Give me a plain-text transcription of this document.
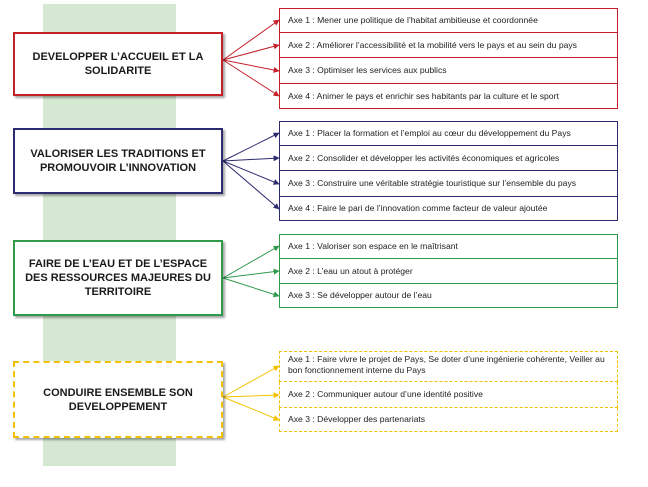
DEVELOPPER L’ACCUEIL ET LA SOLIDARITE
Axe 1 : Mener une politique de l’habitat ambitieuse et coordonnée
Axe 2 : Améliorer l’accessibilité et la mobilité vers le pays et au sein du pays
Axe 3 : Optimiser les services aux publics
Axe 4 : Animer le pays et enrichir ses habitants par la culture et le sport
VALORISER LES TRADITIONS ET PROMOUVOIR L’INNOVATION
Axe 1 : Placer la formation et l’emploi au cœur du développement du Pays
Axe 2 : Consolider et développer les activités économiques et agricoles
Axe 3 : Construire une véritable stratégie touristique sur l’ensemble du pays
Axe 4 : Faire le pari de l’innovation comme facteur de valeur ajoutée
FAIRE DE L’EAU ET DE L’ESPACE DES RESSOURCES MAJEURES DU TERRITOIRE
Axe 1 : Valoriser son espace en le maîtrisant
Axe 2 : L’eau un atout à protéger
Axe 3 : Se développer autour de l’eau
CONDUIRE ENSEMBLE SON DEVELOPPEMENT
Axe 1 : Faire vivre le projet de Pays, Se doter d’une ingénierie cohérente, Veiller au bon fonctionnement interne du Pays
Axe 2 : Communiquer autour d’une identité positive
Axe 3 : Développer des partenariats
